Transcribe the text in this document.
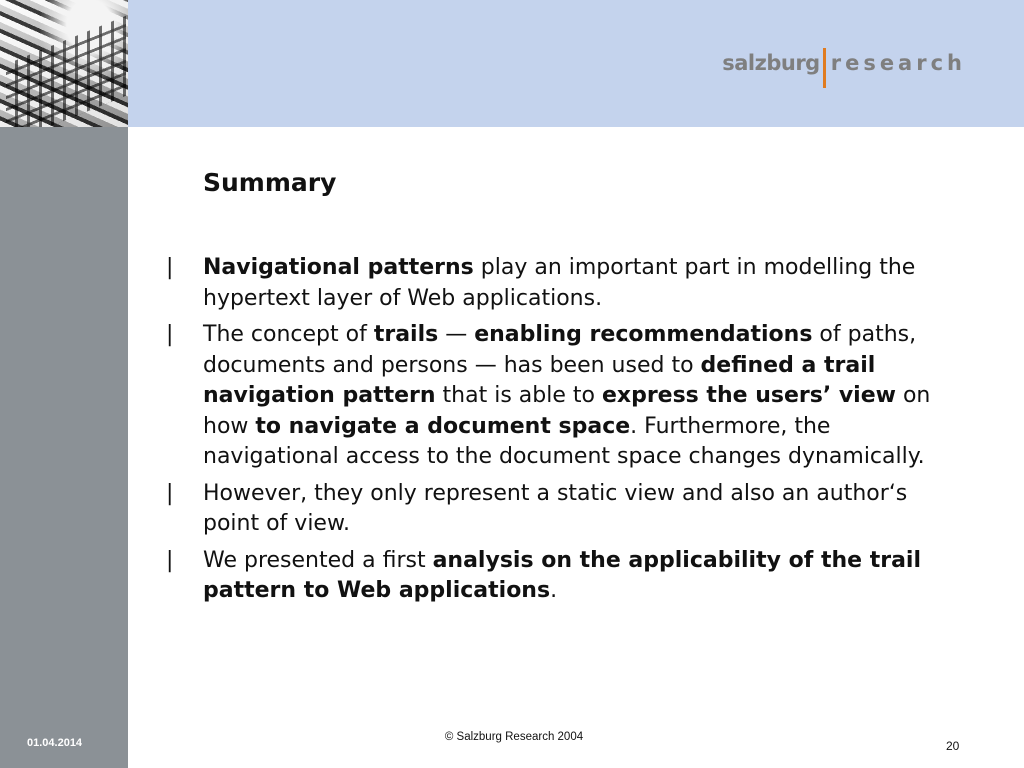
salzburg research
Summary
|	Navigational patterns play an important part in modelling the hypertext layer of Web applications.
|	The concept of trails — enabling recommendations of paths, documents and persons — has been used to defined a trail navigation pattern that is able to express the users’ view on how to navigate a document space. Furthermore, the navigational access to the document space changes dynamically.
|	However, they only represent a static view and also an author‘s point of view.
|	We presented a first analysis on the applicability of the trail pattern to Web applications.
01.04.2014	© Salzburg Research 2004
20
